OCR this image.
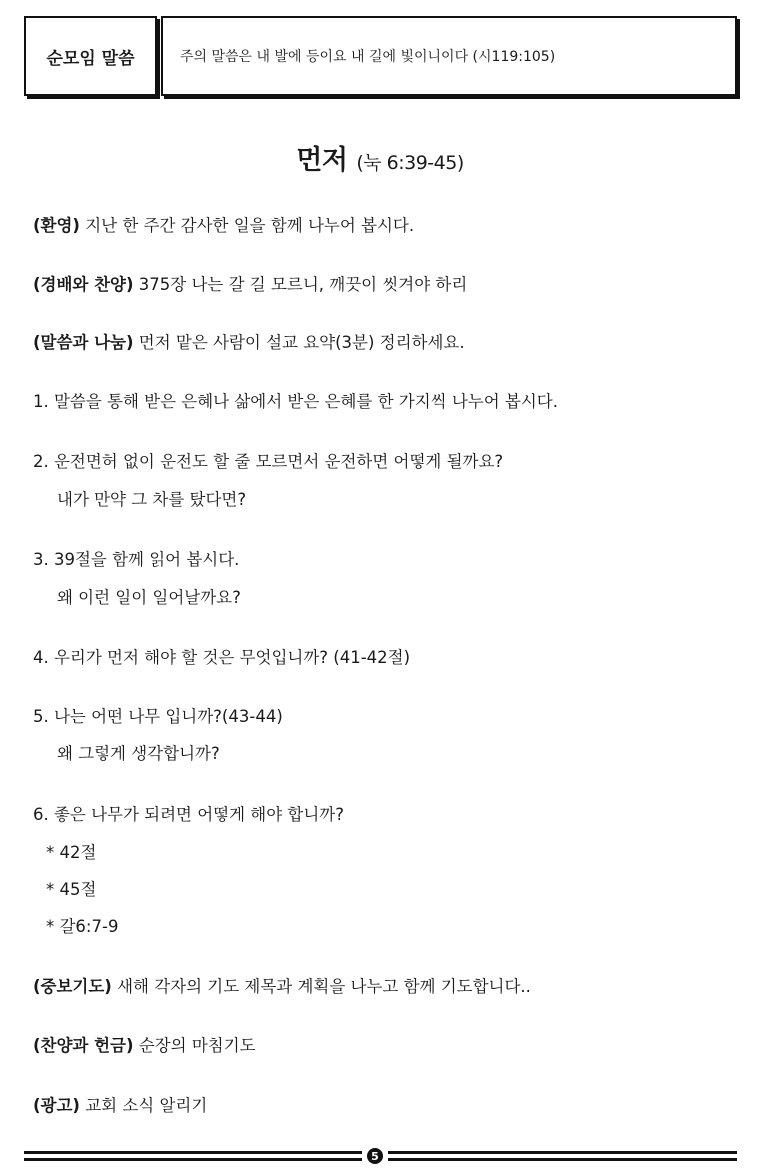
순모임 말씀	주의 말씀은 내 발에 등이요 내 길에 빛이니이다 (시119:105)
먼저 (눅 6:39-45)
(환영) 지난 한 주간 감사한 일을 함께 나누어 봅시다.
(경배와 찬양) 375장 나는 갈 길 모르니, 깨끗이 씻겨야 하리
(말씀과 나눔) 먼저 맡은 사람이 설교 요약(3분) 정리하세요.
1. 말씀을 통해 받은 은혜나 삶에서 받은 은혜를 한 가지씩 나누어 봅시다.
2. 운전면허 없이 운전도 할 줄 모르면서 운전하면 어떻게 될까요?
내가 만약 그 차를 탔다면?
3. 39절을 함께 읽어 봅시다.
왜 이런 일이 일어날까요?
4. 우리가 먼저 해야 할 것은 무엇입니까? (41-42절)
5. 나는 어떤 나무 입니까?(43-44)
왜 그렇게 생각합니까?
6. 좋은 나무가 되려면 어떻게 해야 합니까?
* 42절
* 45절
* 갈6:7-9
(중보기도) 새해 각자의 기도 제목과 계획을 나누고 함께 기도합니다..
(찬양과 헌금) 순장의 마침기도
(광고) 교회 소식 알리기
5
